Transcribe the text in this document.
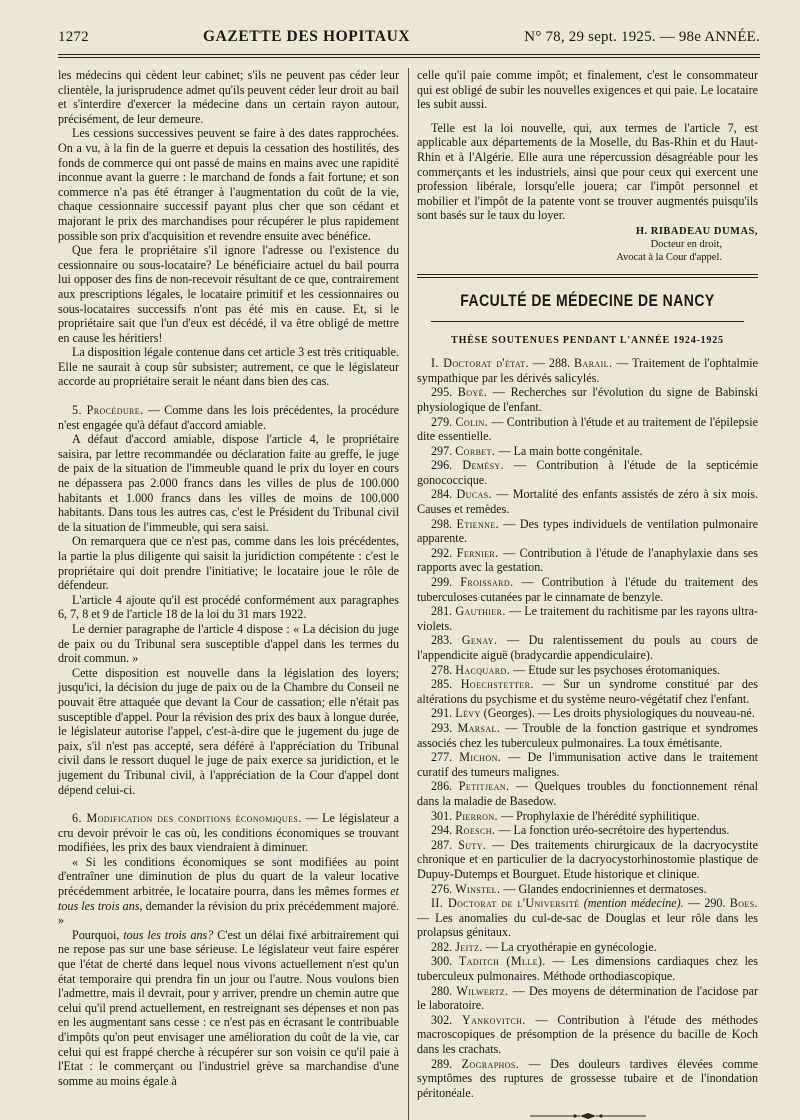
1272	GAZETTE DES HOPITAUX	N° 78, 29 sept. 1925. — 98e ANNÉE.

les médecins qui cèdent leur cabinet; s'ils ne peuvent pas céder leur clientèle, la jurisprudence admet qu'ils peuvent céder leur droit au bail et s'interdire d'exercer la médecine dans un certain rayon autour, précisément, de leur demeure.

Les cessions successives peuvent se faire à des dates rapprochées. On a vu, à la fin de la guerre et depuis la cessation des hostilités, des fonds de commerce qui ont passé de mains en mains avec une rapidité inconnue avant la guerre : le marchand de fonds a fait fortune; et son commerce n'a pas été étranger à l'augmentation du coût de la vie, chaque cessionnaire successif payant plus cher que son cédant et majorant le prix des marchandises pour récupérer le plus rapidement possible son prix d'acquisition et revendre ensuite avec bénéfice.

Que fera le propriétaire s'il ignore l'adresse ou l'existence du cessionnaire ou sous-locataire? Le bénéficiaire actuel du bail pourra lui opposer des fins de non-recevoir résultant de ce que, contrairement aux prescriptions légales, le locataire primitif et les cessionnaires ou sous-locataires successifs n'ont pas été mis en cause. Et, si le propriétaire sait que l'un d'eux est décédé, il va être obligé de mettre en cause les héritiers!

La disposition légale contenue dans cet article 3 est très critiquable. Elle ne saurait à coup sûr subsister; autrement, ce que le législateur accorde au propriétaire serait le néant dans bien des cas.

5. Procédure. — Comme dans les lois précédentes, la procédure n'est engagée qu'à défaut d'accord amiable.

A défaut d'accord amiable, dispose l'article 4, le propriétaire saisira, par lettre recommandée ou déclaration faite au greffe, le juge de paix de la situation de l'immeuble quand le prix du loyer en cours ne dépassera pas 2.000 francs dans les villes de plus de 100.000 habitants et 1.000 francs dans les villes de moins de 100.000 habitants. Dans tous les autres cas, c'est le Président du Tribunal civil de la situation de l'immeuble, qui sera saisi.

On remarquera que ce n'est pas, comme dans les lois précédentes, la partie la plus diligente qui saisit la juridiction compétente : c'est le propriétaire qui doit prendre l'initiative; le locataire joue le rôle de défendeur.

L'article 4 ajoute qu'il est procédé conformément aux paragraphes 6, 7, 8 et 9 de l'article 18 de la loi du 31 mars 1922.

Le dernier paragraphe de l'article 4 dispose : « La décision du juge de paix ou du Tribunal sera susceptible d'appel dans les termes du droit commun. »

Cette disposition est nouvelle dans la législation des loyers; jusqu'ici, la décision du juge de paix ou de la Chambre du Conseil ne pouvait être attaquée que devant la Cour de cassation; elle n'était pas susceptible d'appel. Pour la révision des prix des baux à longue durée, le législateur autorise l'appel, c'est-à-dire que le jugement du juge de paix, s'il n'est pas accepté, sera déféré à l'appréciation du Tribunal civil dans le ressort duquel le juge de paix exerce sa juridiction, et le jugement du Tribunal civil, à l'appréciation de la Cour d'appel dont dépend celui-ci.

6. Modification des conditions économiques. — Le législateur a cru devoir prévoir le cas où, les conditions économiques se trouvant modifiées, les prix des baux viendraient à diminuer.

« Si les conditions économiques se sont modifiées au point d'entraîner une diminution de plus du quart de la valeur locative précédemment arbitrée, le locataire pourra, dans les mêmes formes et tous les trois ans, demander la révision du prix précédemment majoré. »

Pourquoi, tous les trois ans? C'est un délai fixé arbitrairement qui ne repose pas sur une base sérieuse. Le législateur veut faire espérer que l'état de cherté dans lequel nous vivons actuellement n'est qu'un état temporaire qui prendra fin un jour ou l'autre. Nous voulons bien l'admettre, mais il devrait, pour y arriver, prendre un chemin autre que celui qu'il prend actuellement, en restreignant ses dépenses et non pas en les augmentant sans cesse : ce n'est pas en écrasant le contribuable d'impôts qu'on peut envisager une amélioration du coût de la vie, car celui qui est frappé cherche à récupérer sur son voisin ce qu'il paie à l'Etat : le commerçant ou l'industriel grève sa marchandise d'une somme au moins égale à

celle qu'il paie comme impôt; et finalement, c'est le consommateur qui est obligé de subir les nouvelles exigences et qui paie. Le locataire les subit aussi.

Telle est la loi nouvelle, qui, aux termes de l'article 7, est applicable aux départements de la Moselle, du Bas-Rhin et du Haut-Rhin et à l'Algérie. Elle aura une répercussion désagréable pour les commerçants et les industriels, ainsi que pour ceux qui exercent une profession libérale, lorsqu'elle jouera; car l'impôt personnel et mobilier et l'impôt de la patente vont se trouver augmentés puisqu'ils sont basés sur le taux du loyer.

H. RIBADEAU DUMAS,
Docteur en droit,
Avocat à la Cour d'appel.
FACULTÉ DE MÉDECINE DE NANCY
THÈSE SOUTENUES PENDANT L'ANNÉE 1924-1925

I. Doctorat d'état. — 288. Barail. — Traitement de l'ophtalmie sympathique par les dérivés salicylés.

295. Boyé. — Recherches sur l'évolution du signe de Babinski physiologique de l'enfant.

279. Colin. — Contribution à l'étude et au traitement de l'épilepsie dite essentielle.

297. Corbet. — La main botte congénitale.

296. Demésy. — Contribution à l'étude de la septicémie gonococcique.

284. Ducas. — Mortalité des enfants assistés de zéro à six mois. Causes et remèdes.

298. Etienne. — Des types individuels de ventilation pulmonaire apparente.

292. Fernier. — Contribution à l'étude de l'anaphylaxie dans ses rapports avec la gestation.

299. Froissard. — Contribution à l'étude du traitement des tuberculoses cutanées par le cinnamate de benzyle.

281. Gauthier. — Le traitement du rachitisme par les rayons ultra-violets.

283. Genay. — Du ralentissement du pouls au cours de l'appendicite aiguë (bradycardie appendiculaire).

278. Hacquard. — Etude sur les psychoses érotomaniques.

285. Hoechstetter. — Sur un syndrome constitué par des altérations du psychisme et du système neuro-végétatif chez l'enfant.

291. Lévy (Georges). — Les droits physiologiques du nouveau-né.

293. Marsal. — Trouble de la fonction gastrique et syndromes associés chez les tuberculeux pulmonaires. La toux émétisante.

277. Michon. — De l'immunisation active dans le traitement curatif des tumeurs malignes.

286. Petitjean. — Quelques troubles du fonctionnement rénal dans la maladie de Basedow.

301. Pierron. — Prophylaxie de l'hérédité syphilitique.

294. Roesch. — La fonction uréo-secrétoire des hypertendus.

287. Suty. — Des traitements chirurgicaux de la dacryocystite chronique et en particulier de la dacryocystorhinostomie plastique de Dupuy-Dutemps et Bourguet. Etude historique et clinique.

276. Winstel. — Glandes endocriniennes et dermatoses.

II. Doctorat de l'Université (mention médecine). — 290. Boes. — Les anomalies du cul-de-sac de Douglas et leur rôle dans les prolapsus génitaux.

282. Jeitz. — La cryothérapie en gynécologie.

300. Taditch (Mlle). — Les dimensions cardiaques chez les tuberculeux pulmonaires. Méthode orthodiascopique.

280. Wilwertz. — Des moyens de détermination de l'acidose par le laboratoire.

302. Yankovitch. — Contribution à l'étude des méthodes macroscopiques de présomption de la présence du bacille de Koch dans les crachats.

289. Zographos. — Des douleurs tardives élevées comme symptômes des ruptures de grossesse tubaire et de l'inondation péritonéale.
